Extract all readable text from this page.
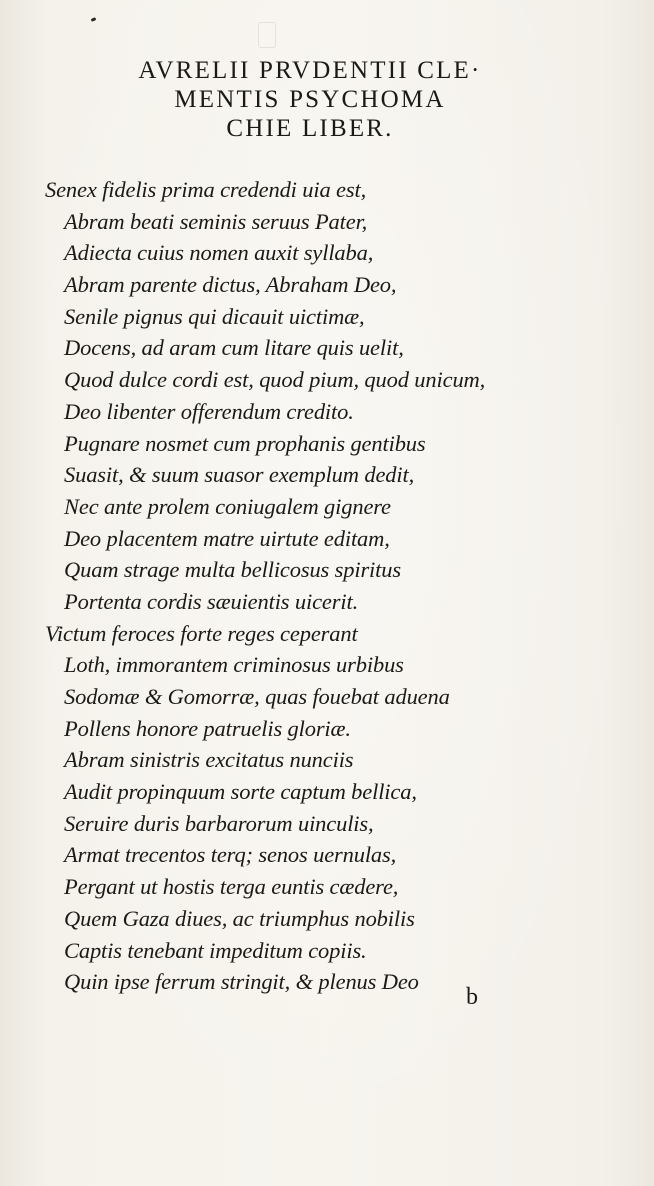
AVRELII PRVDENTII CLE·
MENTIS PSYCHOMA
CHIE LIBER.
Senex fidelis prima credendi uia est,
Abram beati seminis seruus Pater,
Adiecta cuius nomen auxit syllaba,
Abram parente dictus, Abraham Deo,
Senile pignus qui dicauit uictimæ,
Docens, ad aram cum litare quis uelit,
Quod dulce cordi est, quod pium, quod unicum,
Deo libenter offerendum credito.
Pugnare nosmet cum prophanis gentibus
Suasit, & suum suasor exemplum dedit,
Nec ante prolem coniugalem gignere
Deo placentem matre uirtute editam,
Quam strage multa bellicosus spiritus
Portenta cordis sæuientis uicerit.
Victum feroces forte reges ceperant
Loth, immorantem criminosus urbibus
Sodomæ & Gomorræ, quas fouebat aduena
Pollens honore patruelis gloriæ.
Abram sinistris excitatus nunciis
Audit propinquum sorte captum bellica,
Seruire duris barbarorum uinculis,
Armat trecentos terq; senos uernulas,
Pergant ut hostis terga euntis cædere,
Quem Gaza diues, ac triumphus nobilis
Captis tenebant impeditum copiis.
Quin ipse ferrum stringit, & plenus Deo
b
